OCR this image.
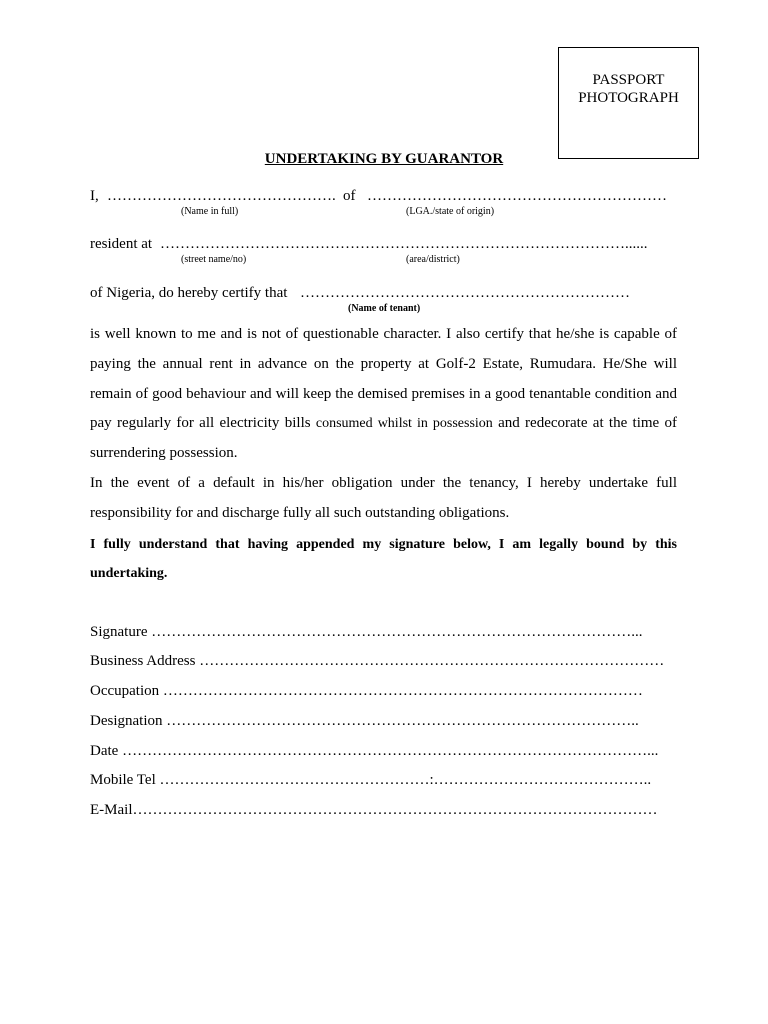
PASSPORT
PHOTOGRAPH
UNDERTAKING BY GUARANTOR
I, ………………………………………. of ……………………………………………………
(Name in full)	(LGA./state of origin)
resident at …………………………………………………………………………………......
(street name/no)	(area/district)
of Nigeria, do hereby certify that …………………………………………………………
(Name of tenant)
is well known to me and is not of questionable character. I also certify that he/she is capable of paying the annual rent in advance on the property at Golf-2 Estate, Rumudara. He/She will remain of good behaviour and will keep the demised premises in a good tenantable condition and pay regularly for all electricity bills consumed whilst in possession and redecorate at the time of surrendering possession.
In the event of a default in his/her obligation under the tenancy, I hereby undertake full responsibility for and discharge fully all such outstanding obligations.
I fully understand that having appended my signature below, I am legally bound by this undertaking.
Signature ……………………………………………………………………………………...
Business Address …………………………………………………………………………………
Occupation ……………………………………………………………………………………
Designation …………………………………………………………………………………..
Date ……………………………………………………………………………………………...
Mobile Tel ………………………………………………:……………………………………..
E-Mail……………………………………………………………………………………………
